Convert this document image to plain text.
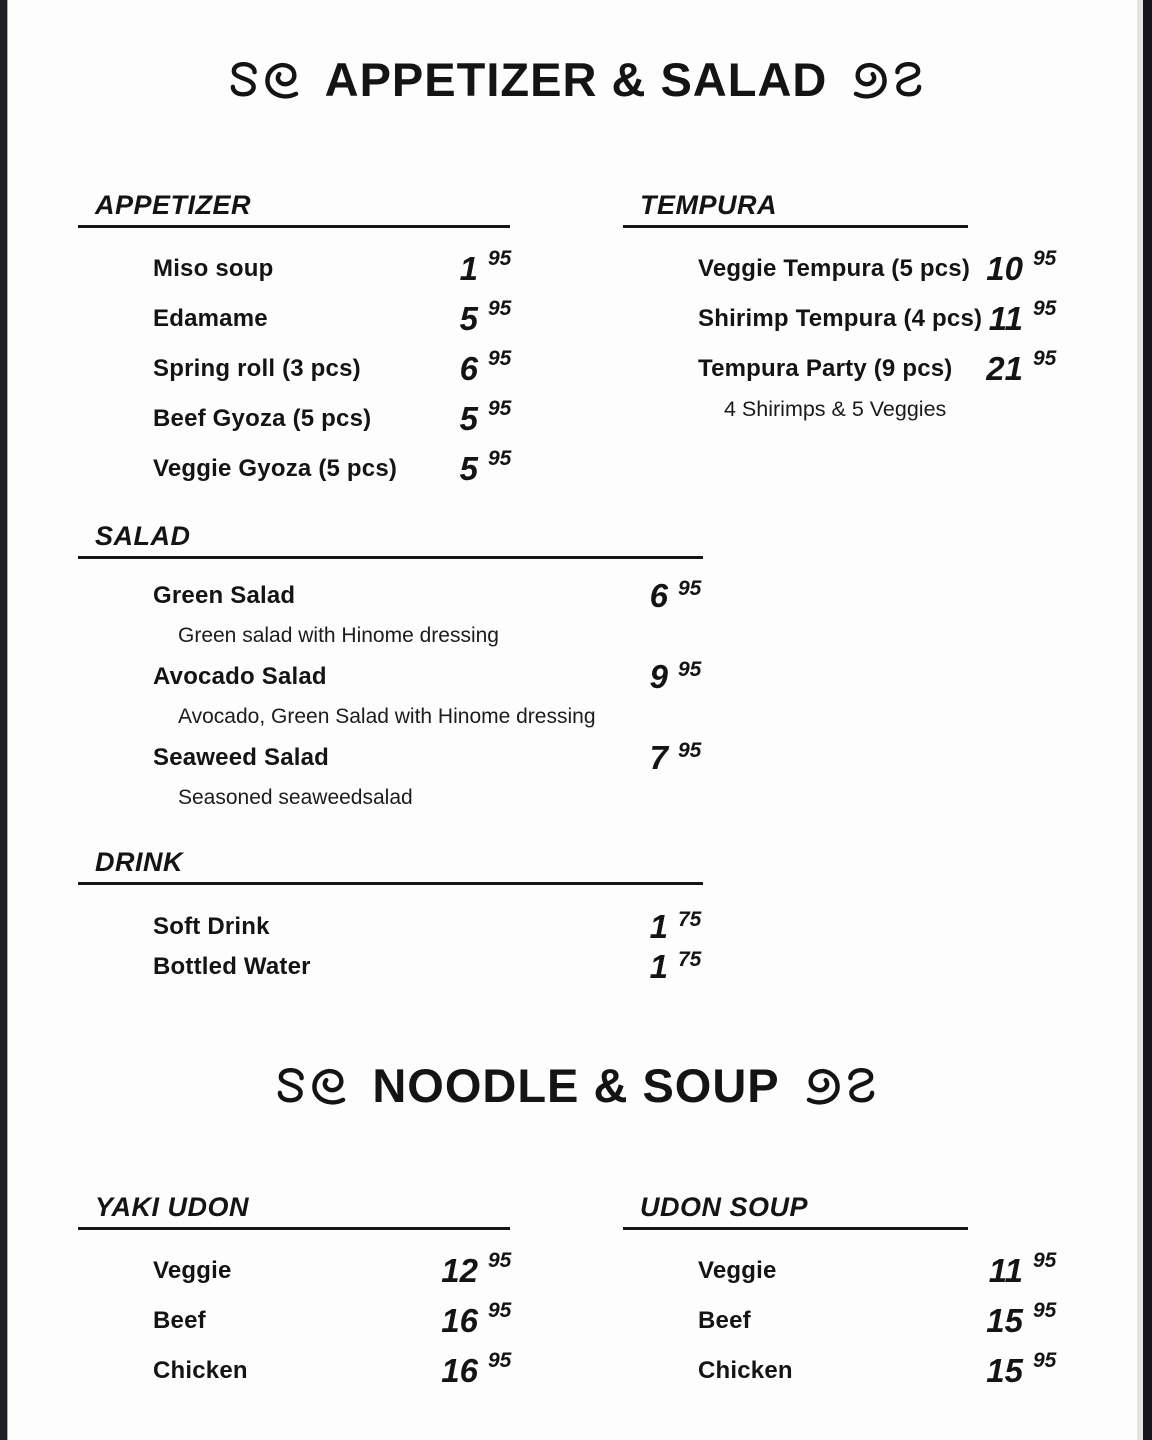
APPETIZER & SALAD
APPETIZER
Miso soup	1 95
Edamame	5 95
Spring roll (3 pcs)	6 95
Beef Gyoza (5 pcs)	5 95
Veggie Gyoza (5 pcs)	5 95
TEMPURA
Veggie Tempura (5 pcs) 10 95
Shirimp Tempura (4 pcs) 11 95
Tempura Party (9 pcs)	21 95
4 Shirimps & 5 Veggies
SALAD
Green Salad	6 95
Green salad with Hinome dressing
Avocado Salad	9 95
Avocado, Green Salad with Hinome dressing
Seaweed Salad	7 95
Seasoned seaweedsalad
DRINK
Soft Drink	1 75
Bottled Water	1 75
NOODLE & SOUP
YAKI UDON
Veggie	12 95
Beef	16 95
Chicken	16 95
UDON SOUP
Veggie	11 95
Beef	15 95
Chicken	15 95
